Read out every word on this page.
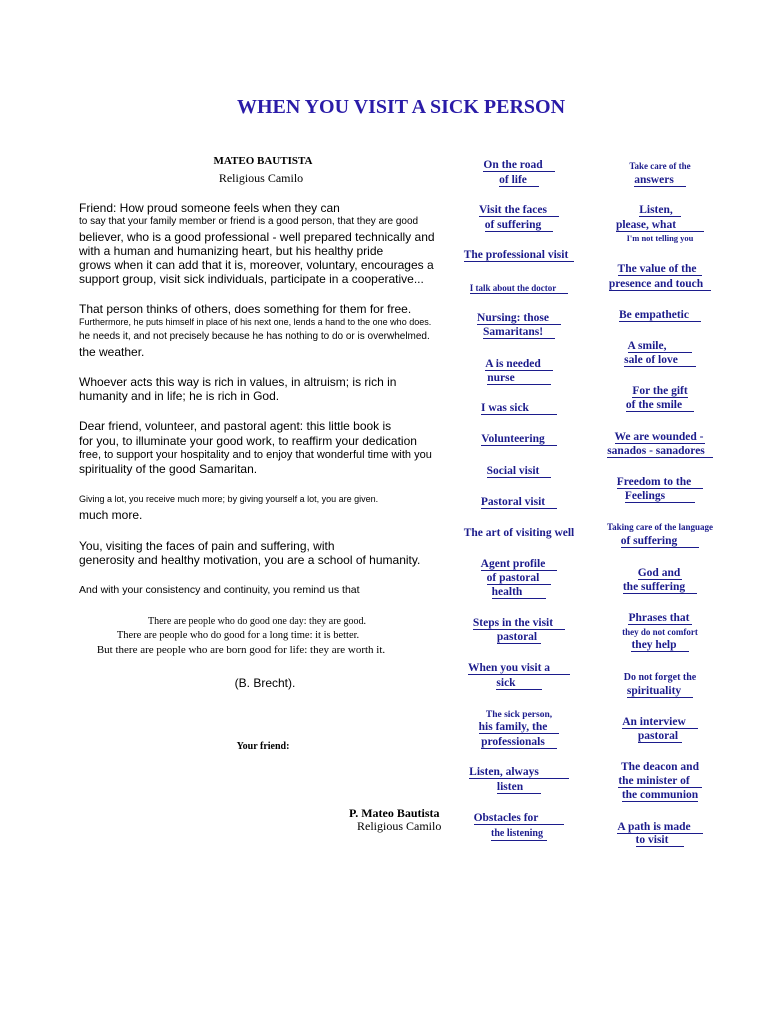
WHEN YOU VISIT A SICK PERSON
MATEO BAUTISTA
Religious Camilo
Friend: How proud someone feels when they can
to say that your family member or friend is a good person, that they are good
believer, who is a good professional - well prepared technically and
with a human and humanizing heart, but his healthy pride
grows when it can add that it is, moreover, voluntary, encourages a
support group, visit sick individuals, participate in a cooperative...
That person thinks of others, does something for them for free.
Furthermore, he puts himself in place of his next one, lends a hand to the one who does.
he needs it, and not precisely because he has nothing to do or is overwhelmed.
the weather.
Whoever acts this way is rich in values, in altruism; is rich in
humanity and in life; he is rich in God.
Dear friend, volunteer, and pastoral agent: this little book is
for you, to illuminate your good work, to reaffirm your dedication
free, to support your hospitality and to enjoy that wonderful time with you
spirituality of the good Samaritan.
Giving a lot, you receive much more; by giving yourself a lot, you are given.
much more.
You, visiting the faces of pain and suffering, with
generosity and healthy motivation, you are a school of humanity.
And with your consistency and continuity, you remind us that
There are people who do good one day: they are good.
There are people who do good for a long time: it is better.
But there are people who are born good for life: they are worth it.
(B. Brecht).
Your friend:
P. Mateo Bautista
Religious Camilo
On the road
of life
Visit the faces
of suffering
The professional visit
I talk about the doctor
Nursing: those
Samaritans!
A is needed
nurse
I was sick
Volunteering
Social visit
Pastoral visit
The art of visiting well
Agent profile
of pastoral
health
Steps in the visit
pastoral
When you visit a
sick
The sick person,
his family, the
professionals
Listen, always
listen
Obstacles for
the listening
Take care of the
answers
Listen,
please, what
I'm not telling you
The value of the
presence and touch
Be empathetic
A smile,
sale of love
For the gift
of the smile
We are wounded -
sanados - sanadores
Freedom to the
Feelings
Taking care of the language
of suffering
God and
the suffering
Phrases that
they do not comfort
they help
Do not forget the
spirituality
An interview
pastoral
The deacon and
the minister of
the communion
A path is made
to visit
